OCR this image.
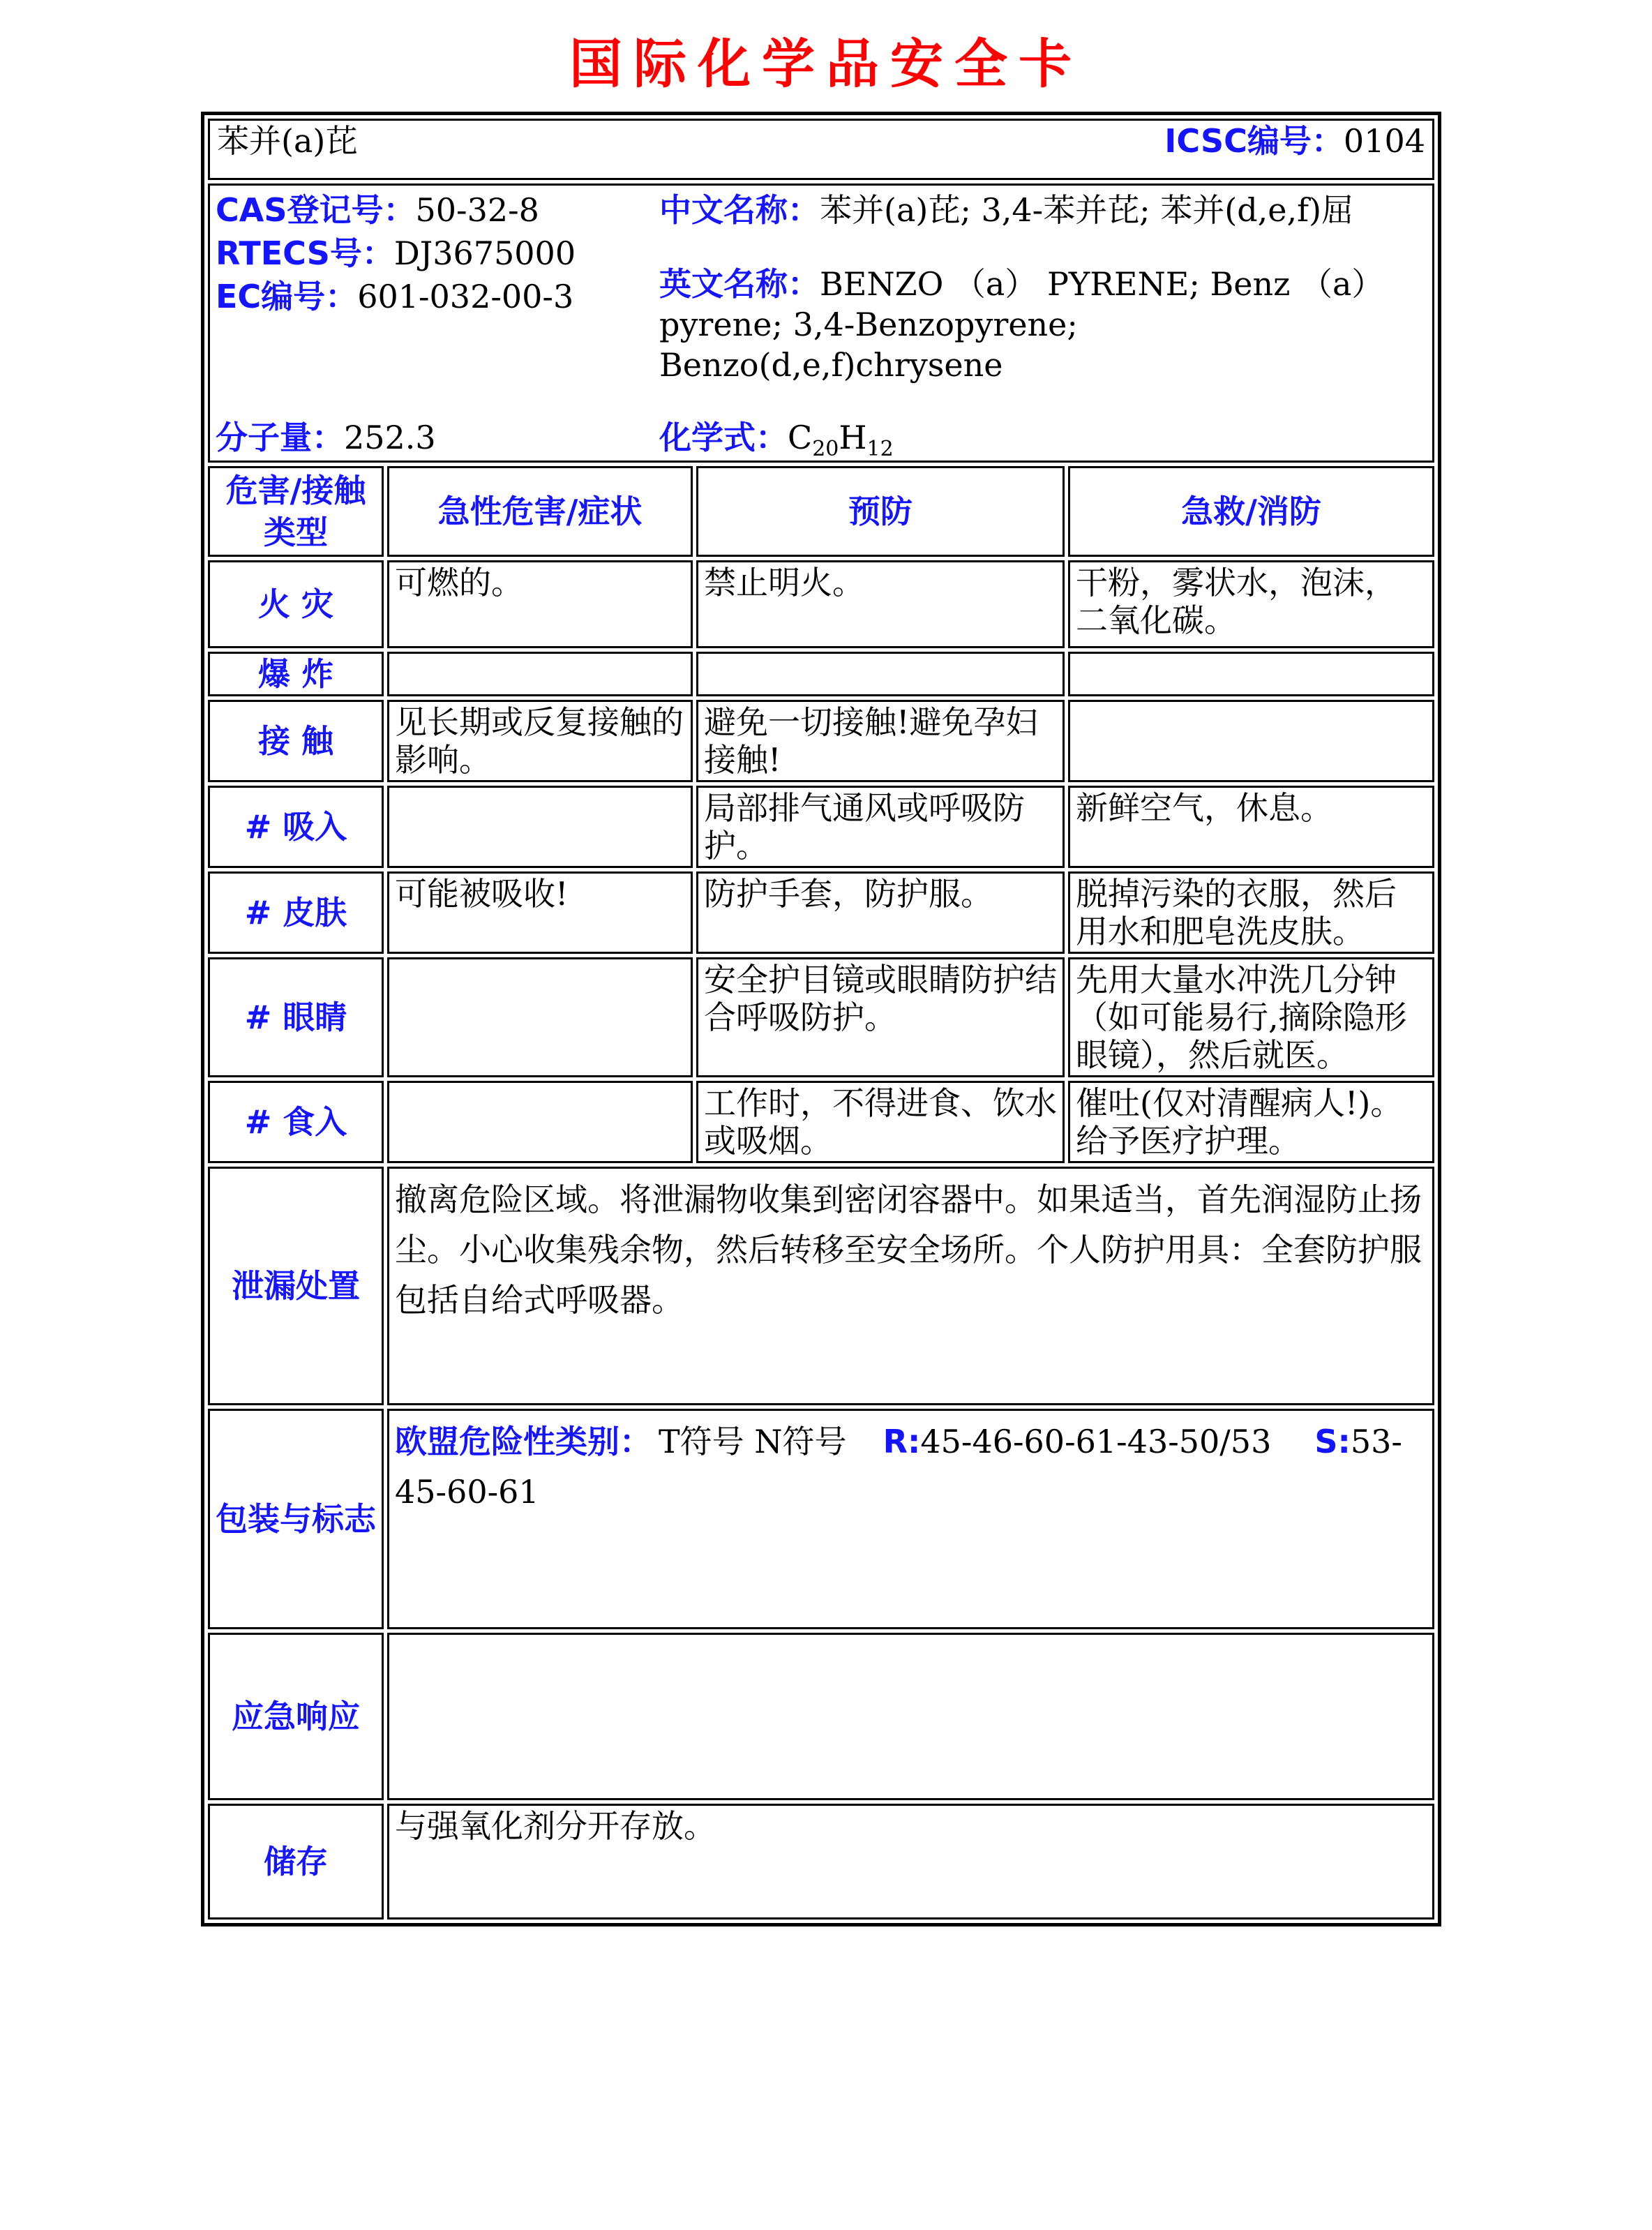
国际化学品安全卡
苯并(a)芘 ICSC编号：0104			

CAS登记号：50-32-8
RTECS号：DJ3675000
EC编号：601-032-00-3
中文名称：苯并(a)芘; 3,4-苯并芘; 苯并(d,e,f)屈
英文名称：BENZO （a） PYRENE; Benz （a） pyrene; 3,4-Benzopyrene; Benzo(d,e,f)chrysene
分子量：252.3	化学式：$C_{20}H_{12}$

危害/接触类型	急性危害/症状	预防	急救/消防
火 灾	可燃的。	禁止明火。	干粉，雾状水，泡沫，二氧化碳。
爆 炸			
接 触	见长期或反复接触的影响。	避免一切接触!避免孕妇接触!	
# 吸入		局部排气通风或呼吸防护。	新鲜空气，休息。
# 皮肤	可能被吸收!	防护手套，防护服。	脱掉污染的衣服，然后用水和肥皂洗皮肤。
# 眼睛		安全护目镜或眼睛防护结合呼吸防护。	先用大量水冲洗几分钟（如可能易行,摘除隐形眼镜），然后就医。
# 食入		工作时，不得进食、饮水或吸烟。	催吐(仅对清醒病人!)。给予医疗护理。
泄漏处置	撤离危险区域。将泄漏物收集到密闭容器中。如果适当，首先润湿防止扬尘。小心收集残余物，然后转移至安全场所。个人防护用具：全套防护服包括自给式呼吸器。		
包装与标志	欧盟危险性类别： T符号 N符号 R:45-46-60-61-43-50/53 S:53-45-60-61		
应急响应			
储存	与强氧化剂分开存放。		
